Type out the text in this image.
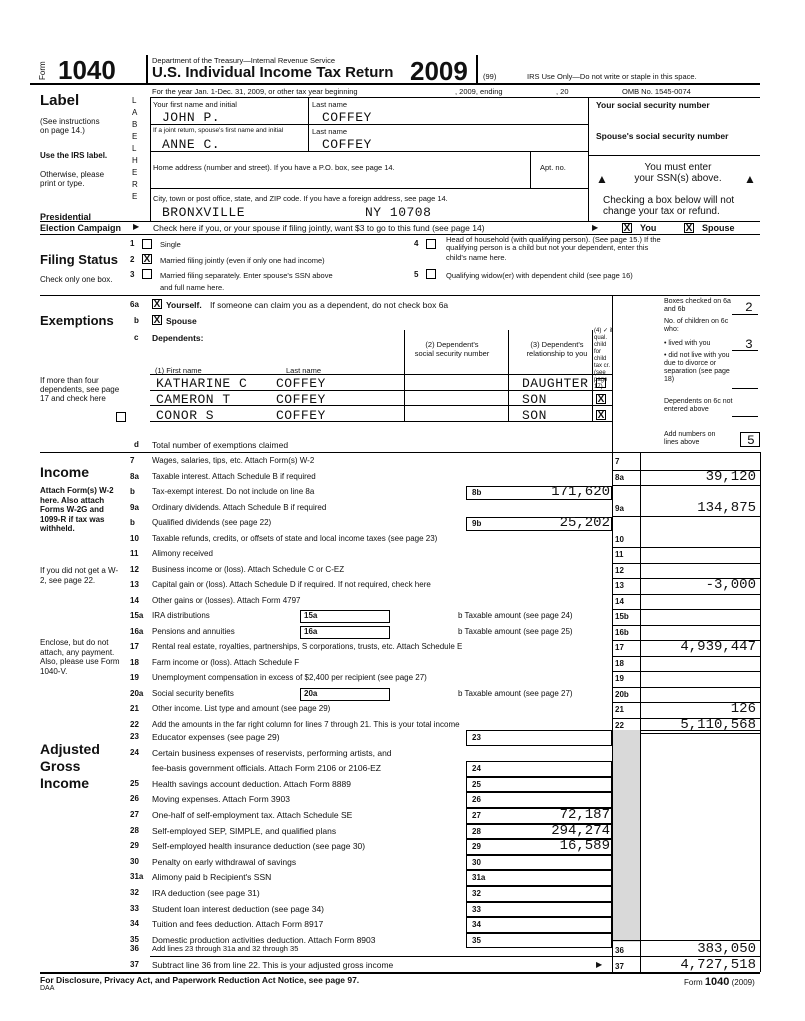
Form 1040	Department of the Treasury—Internal Revenue Service
U.S. Individual Income Tax Return 2009 (99)	IRS Use Only—Do not write or staple in this space.
For the year Jan. 1-Dec. 31, 2009, or other tax year beginning	, 2009, ending	, 20	OMB No. 1545-0074
Label
(See instructions on page 14.)
Use the IRS label.
Otherwise, please print or type.
L
A
B
E
L
H
E
R
E
Your first name and initial	Last name
JOHN P.	COFFEY
Your social security number
If a joint return, spouse's first name and initial	Last name
ANNE C.	COFFEY
Spouse's social security number
Home address (number and street). If you have a P.O. box, see page 14.	Apt. no.	You must enter
your SSN(s) above.
▲	▲
City, town or post office, state, and ZIP code. If you have a foreign address, see page 14.
BRONXVILLE	NY 10708
Checking a box below will not
change your tax or refund.
Presidential
Election Campaign ▶ Check here if you, or your spouse if filing jointly, want $3 to go to this fund (see page 14)	▶	X You	X Spouse
Filing Status
Check only one box.
1	Single
2 X Married filing jointly (even if only one had income)
3	Married filing separately. Enter spouse's SSN above
and full name here.
4	Head of household (with qualifying person). (See page 15.) If the
qualifying person is a child but not your dependent, enter this
child's name here.
5	Qualifying widow(er) with dependent child (see page 16)
Exemptions
6a X Yourself. If someone can claim you as a dependent, do not check box 6a
b X Spouse
c Dependents:
(2) Dependent's
social security number
(3) Dependent's
relationship to you
(4) ✓ if qual. child for child tax cr. (see page 17)
(1) First name	Last name
KATHARINE C COFFEY	DAUGHTER
CAMERON T	COFFEY	SON	X
CONOR S	COFFEY	SON	X
If more than four dependents, see page 17 and check here
Boxes checked on 6a and 6b	2
No. of children on 6c who:
• lived with you	3
• did not live with you due to divorce or separation (see page 18)
Dependents on 6c not entered above
Add numbers on lines above	5
d Total number of exemptions claimed
Income
Attach Form(s) W-2 here. Also attach Forms W-2G and 1099-R if tax was withheld.
If you did not get a W-2, see page 22.
Enclose, but do not attach, any payment. Also, please use Form 1040-V.
7 Wages, salaries, tips, etc. Attach Form(s) W-2	7
8a Taxable interest. Attach Schedule B if required	8a	39,120
b Tax-exempt interest. Do not include on line 8a	8b	171,620
9a Ordinary dividends. Attach Schedule B if required	9a	134,875
b Qualified dividends (see page 22)	9b	25,202
10 Taxable refunds, credits, or offsets of state and local income taxes (see page 23)	10
11 Alimony received	11
12 Business income or (loss). Attach Schedule C or C-EZ	12
13 Capital gain or (loss). Attach Schedule D if required. If not required, check here	13	-3,000
14 Other gains or (losses). Attach Form 4797	14
15a IRA distributions	15a	b Taxable amount (see page 24)	15b
16a Pensions and annuities	16a	b Taxable amount (see page 25)	16b
17 Rental real estate, royalties, partnerships, S corporations, trusts, etc. Attach Schedule E	17	4,939,447
18 Farm income or (loss). Attach Schedule F	18
19 Unemployment compensation in excess of $2,400 per recipient (see page 27)	19
20a Social security benefits	20a	b Taxable amount (see page 27)	20b
21 Other income. List type and amount (see page 29)	21	126
22 Add the amounts in the far right column for lines 7 through 21. This is your total income	22	5,110,568
Adjusted
Gross
Income
23 Educator expenses (see page 29)	23
24 Certain business expenses of reservists, performing artists, and
fee-basis government officials. Attach Form 2106 or 2106-EZ	24
25 Health savings account deduction. Attach Form 8889	25
26 Moving expenses. Attach Form 3903	26
27 One-half of self-employment tax. Attach Schedule SE	27	72,187
28 Self-employed SEP, SIMPLE, and qualified plans	28	294,274
29 Self-employed health insurance deduction (see page 30)	29	16,589
30 Penalty on early withdrawal of savings	30
31a Alimony paid b Recipient's SSN	31a
32 IRA deduction (see page 31)	32
33 Student loan interest deduction (see page 34)	33
34 Tuition and fees deduction. Attach Form 8917	34
35 Domestic production activities deduction. Attach Form 8903	35
36 Add lines 23 through 31a and 32 through 35	36	383,050
37 Subtract line 36 from line 22. This is your adjusted gross income	▶ 37	4,727,518
For Disclosure, Privacy Act, and Paperwork Reduction Act Notice, see page 97.
DAA
Form 1040 (2009)
